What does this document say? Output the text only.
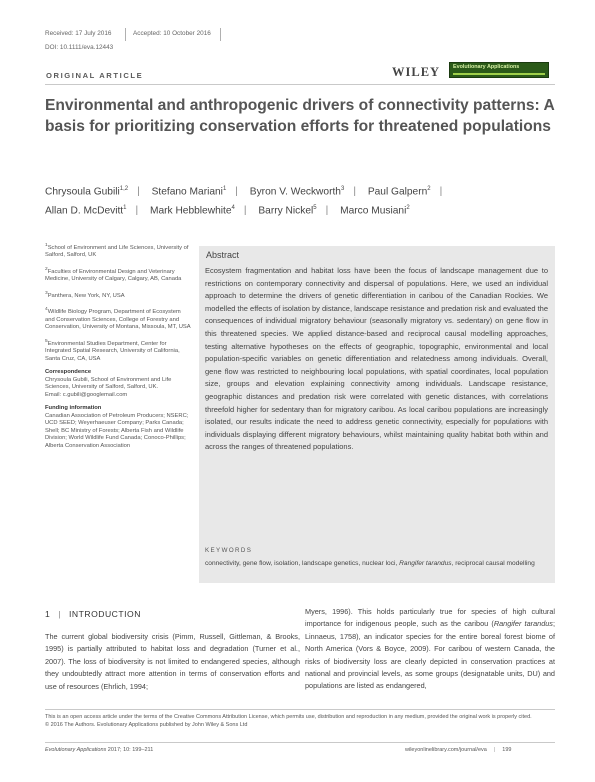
Received: 17 July 2016	Accepted: 10 October 2016
DOI: 10.1111/eva.12443
ORIGINAL ARTICLE	WILEY Evolutionary Applications
Environmental and anthropogenic drivers of connectivity patterns: A basis for prioritizing conservation efforts for threatened populations
Chrysoula Gubili$^{1,2}$ | Stefano Mariani$^1$ | Byron V. Weckworth$^3$ | Paul Galpern$^2$ |
Allan D. McDevitt$^1$ | Mark Hebblewhite$^4$ | Barry Nickel$^5$ | Marco Musiani$^2$
$^1$School of Environment and Life Sciences, University of Salford, Salford, UK
$^2$Faculties of Environmental Design and Veterinary Medicine, University of Calgary, Calgary, AB, Canada
$^3$Panthera, New York, NY, USA
$^4$Wildlife Biology Program, Department of Ecosystem and Conservation Sciences, College of Forestry and Conservation, University of Montana, Missoula, MT, USA
$^5$Environmental Studies Department, Center for Integrated Spatial Research, University of California, Santa Cruz, CA, USA
Correspondence
Chrysoula Gubili, School of Environment and Life Sciences, University of Salford, Salford, UK.
Email: c.gubili@googlemail.com
Funding information
Canadian Association of Petroleum Producers; NSERC; UCD SEED; Weyerhaeuser Company; Parks Canada; Shell; BC Ministry of Forests; Alberta Fish and Wildlife Division; World Wildlife Fund Canada; Conoco-Phillips; Alberta Conservation Association
Abstract
Ecosystem fragmentation and habitat loss have been the focus of landscape management due to restrictions on contemporary connectivity and dispersal of populations. Here, we used an individual approach to determine the drivers of genetic differentiation in caribou of the Canadian Rockies. We modelled the effects of isolation by distance, landscape resistance and predation risk and evaluated the consequences of individual migratory behaviour (seasonally migratory vs. sedentary) on gene flow in this threatened species. We applied distance-based and reciprocal causal modelling approaches, testing alternative hypotheses on the effects of geographic, topographic, environmental and local population-specific variables on genetic differentiation and relatedness among individuals. Overall, gene flow was restricted to neighbouring local populations, with spatial coordinates, local population size, groups and elevation explaining connectivity among individuals. Landscape resistance, geographic distances and predation risk were correlated with genetic distances, with correlations threefold higher for sedentary than for migratory caribou. As local caribou populations are increasingly isolated, our results indicate the need to address genetic connectivity, especially for populations with individuals displaying different migratory behaviours, whilst maintaining quality habitat both within and across the ranges of threatened populations.
KEYWORDS
connectivity, gene flow, isolation, landscape genetics, nuclear loci, Rangifer tarandus, reciprocal causal modelling
1 | INTRODUCTION
The current global biodiversity crisis (Pimm, Russell, Gittleman, & Brooks, 1995) is partially attributed to habitat loss and degradation (Turner et al., 2007). The loss of biodiversity is not limited to endangered species, although they undoubtedly attract more attention in terms of conservation efforts and use of resources (Ehrlich, 1994;
Myers, 1996). This holds particularly true for species of high cultural importance for indigenous people, such as the caribou (Rangifer tarandus; Linnaeus, 1758), an indicator species for the entire boreal forest biome of North America (Vors & Boyce, 2009). For caribou of western Canada, the risks of biodiversity loss are clearly depicted in conservation practices at national and provincial levels, as some groups (designatable units, DU) and populations are listed as endangered,
This is an open access article under the terms of the Creative Commons Attribution License, which permits use, distribution and reproduction in any medium, provided the original work is properly cited.
© 2016 The Authors. Evolutionary Applications published by John Wiley & Sons Ltd
Evolutionary Applications 2017; 10: 199–211	wileyonlinelibrary.com/journal/eva | 199
